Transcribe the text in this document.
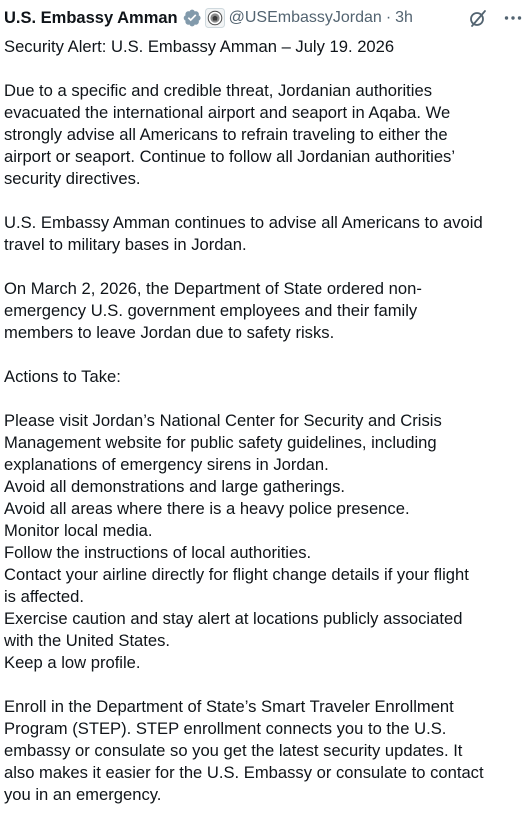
U.S. Embassy Amman	@USEmbassyJordan · 3h
Security Alert: U.S. Embassy Amman – July 19. 2026
Due to a specific and credible threat, Jordanian authorities
evacuated the international airport and seaport in Aqaba. We
strongly advise all Americans to refrain traveling to either the
airport or seaport. Continue to follow all Jordanian authorities’
security directives.
U.S. Embassy Amman continues to advise all Americans to avoid
travel to military bases in Jordan.
On March 2, 2026, the Department of State ordered non-
emergency U.S. government employees and their family
members to leave Jordan due to safety risks.
Actions to Take:
Please visit Jordan’s National Center for Security and Crisis
Management website for public safety guidelines, including
explanations of emergency sirens in Jordan.
Avoid all demonstrations and large gatherings.
Avoid all areas where there is a heavy police presence.
Monitor local media.
Follow the instructions of local authorities.
Contact your airline directly for flight change details if your flight
is affected.
Exercise caution and stay alert at locations publicly associated
with the United States.
Keep a low profile.
Enroll in the Department of State’s Smart Traveler Enrollment
Program (STEP). STEP enrollment connects you to the U.S.
embassy or consulate so you get the latest security updates. It
also makes it easier for the U.S. Embassy or consulate to contact
you in an emergency.
